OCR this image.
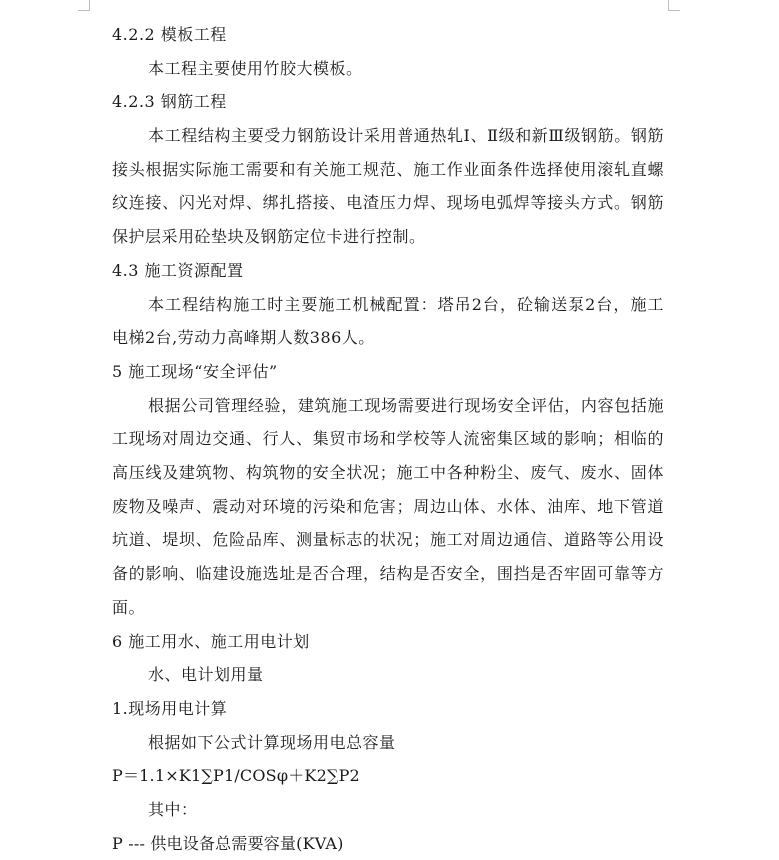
4.2.2 模板工程
本工程主要使用竹胶大模板。
4.2.3 钢筋工程

本工程结构主要受力钢筋设计采用普通热轧Ⅰ、Ⅱ级和新Ⅲ级钢筋。钢筋接头根据实际施工需要和有关施工规范、施工作业面条件选择使用滚轧直螺纹连接、闪光对焊、绑扎搭接、电渣压力焊、现场电弧焊等接头方式。钢筋保护层采用砼垫块及钢筋定位卡进行控制。

4.3 施工资源配置

本工程结构施工时主要施工机械配置：塔吊2台，砼输送泵2台，施工电梯2台,劳动力高峰期人数386人。

5 施工现场“安全评估”

根据公司管理经验，建筑施工现场需要进行现场安全评估，内容包括施工现场对周边交通、行人、集贸市场和学校等人流密集区域的影响；相临的高压线及建筑物、构筑物的安全状况；施工中各种粉尘、废气、废水、固体废物及噪声、震动对环境的污染和危害；周边山体、水体、油库、地下管道坑道、堤坝、危险品库、测量标志的状况；施工对周边通信、道路等公用设备的影响、临建设施选址是否合理，结构是否安全，围挡是否牢固可靠等方面。

6 施工用水、施工用电计划
水、电计划用量
1.现场用电计算
根据如下公式计算现场用电总容量
P＝1.1×K1∑P1/COSφ＋K2∑P2
其中：
P --- 供电设备总需要容量(KVA)
